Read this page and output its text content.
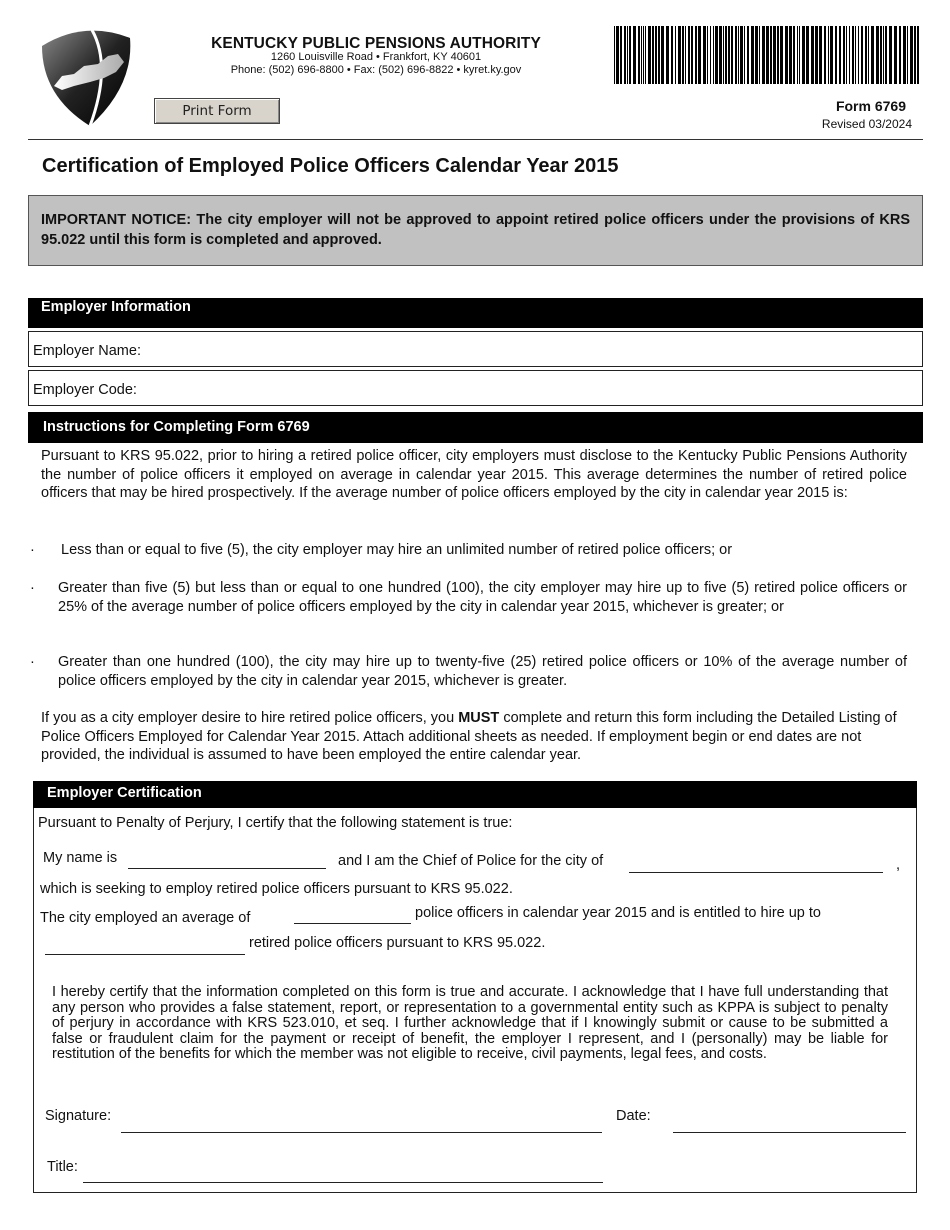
KENTUCKY PUBLIC PENSIONS AUTHORITY
1260 Louisville Road • Frankfort, KY 40601
Phone: (502) 696-8800 • Fax: (502) 696-8822 • kyret.ky.gov
Print Form	Form 6769
Revised 03/2024
Certification of Employed Police Officers Calendar Year 2015
IMPORTANT NOTICE: The city employer will not be approved to appoint retired police officers under the provisions of KRS 95.022 until this form is completed and approved.
Employer Information
Employer Name:
Employer Code:
Instructions for Completing Form 6769
Pursuant to KRS 95.022, prior to hiring a retired police officer, city employers must disclose to the Kentucky Public Pensions Authority the number of police officers it employed on average in calendar year 2015. This average determines the number of retired police officers that may be hired prospectively. If the average number of police officers employed by the city in calendar year 2015 is:
· Less than or equal to five (5), the city employer may hire an unlimited number of retired police officers; or
· Greater than five (5) but less than or equal to one hundred (100), the city employer may hire up to five (5) retired police officers or 25% of the average number of police officers employed by the city in calendar year 2015, whichever is greater; or
· Greater than one hundred (100), the city may hire up to twenty-five (25) retired police officers or 10% of the average number of police officers employed by the city in calendar year 2015, whichever is greater.
If you as a city employer desire to hire retired police officers, you MUST complete and return this form including the Detailed Listing of Police Officers Employed for Calendar Year 2015. Attach additional sheets as needed. If employment begin or end dates are not provided, the individual is assumed to have been employed the entire calendar year.
Employer Certification
Pursuant to Penalty of Perjury, I certify that the following statement is true:
My name is	and I am the Chief of Police for the city of	,
which is seeking to employ retired police officers pursuant to KRS 95.022.
The city employed an average of	police officers in calendar year 2015 and is entitled to hire up to
retired police officers pursuant to KRS 95.022.
I hereby certify that the information completed on this form is true and accurate. I acknowledge that I have full understanding that any person who provides a false statement, report, or representation to a governmental entity such as KPPA is subject to penalty of perjury in accordance with KRS 523.010, et seq. I further acknowledge that if I knowingly submit or cause to be submitted a false or fraudulent claim for the payment or receipt of benefit, the employer I represent, and I (personally) may be liable for restitution of the benefits for which the member was not eligible to receive, civil payments, legal fees, and costs.
Signature:	Date:
Title:
